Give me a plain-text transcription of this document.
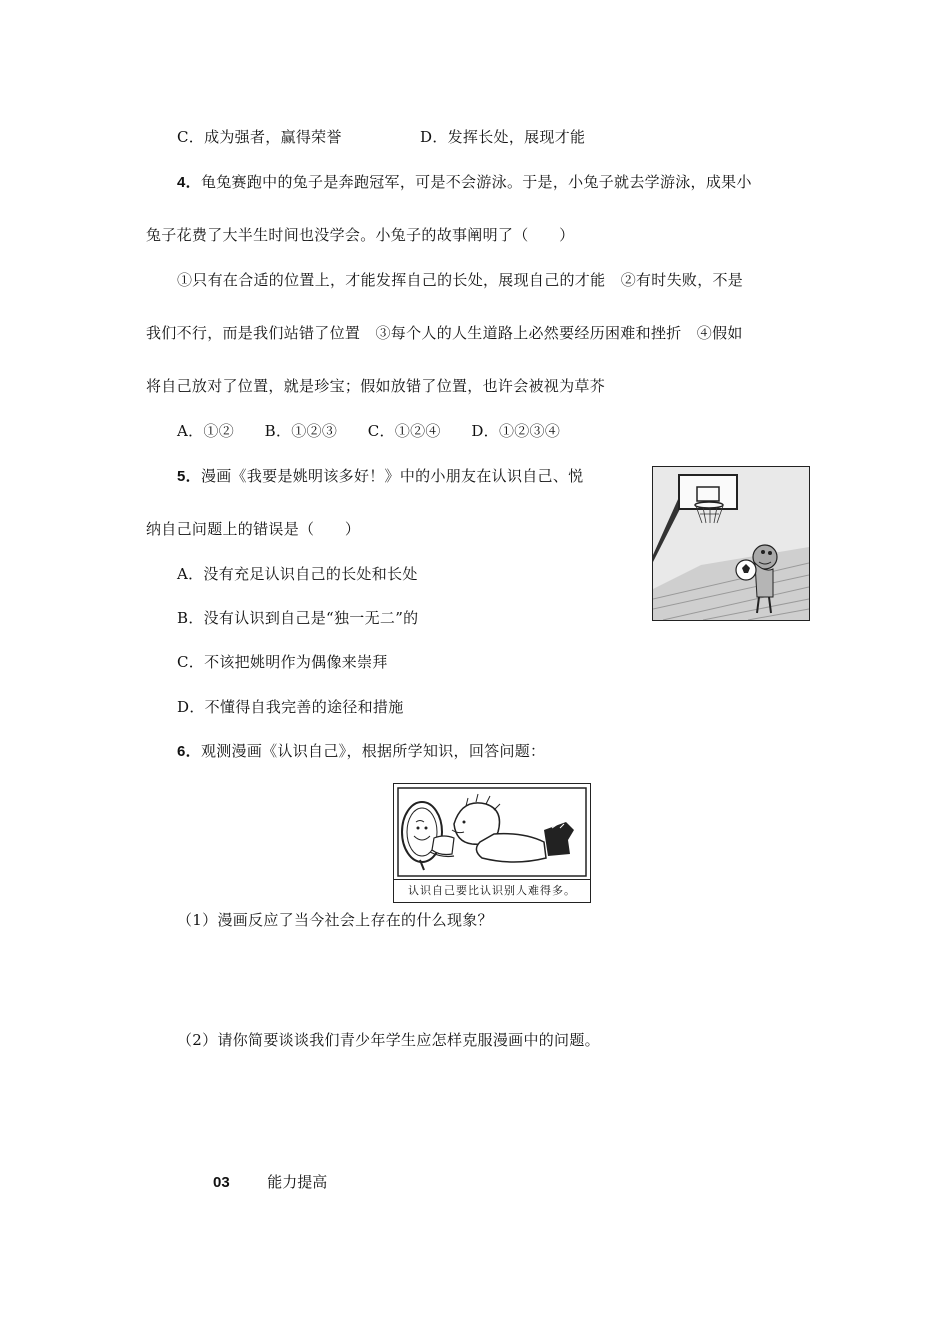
C．成为强者，赢得荣誉	D．发挥长处，展现才能
4．龟兔赛跑中的兔子是奔跑冠军，可是不会游泳。于是，小兔子就去学游泳，成果小
兔子花费了大半生时间也没学会。小兔子的故事阐明了（　　）
①只有在合适的位置上，才能发挥自己的长处，展现自己的才能　②有时失败，不是
我们不行，而是我们站错了位置　③每个人的人生道路上必然要经历困难和挫折　④假如
将自己放对了位置，就是珍宝；假如放错了位置，也许会被视为草芥
A．①②　　B．①②③　　C．①②④　　D．①②③④
5．漫画《我要是姚明该多好！》中的小朋友在认识自己、悦
纳自己问题上的错误是（　　）
A．没有充足认识自己的长处和长处
B．没有认识到自己是“独一无二”的
C．不该把姚明作为偶像来崇拜
D．不懂得自我完善的途径和措施
6．观测漫画《认识自己》，根据所学知识，回答问题：
认识自己要比认识别人难得多。
（1）漫画反应了当今社会上存在的什么现象？
（2）请你简要谈谈我们青少年学生应怎样克服漫画中的问题。
03	能力提高
